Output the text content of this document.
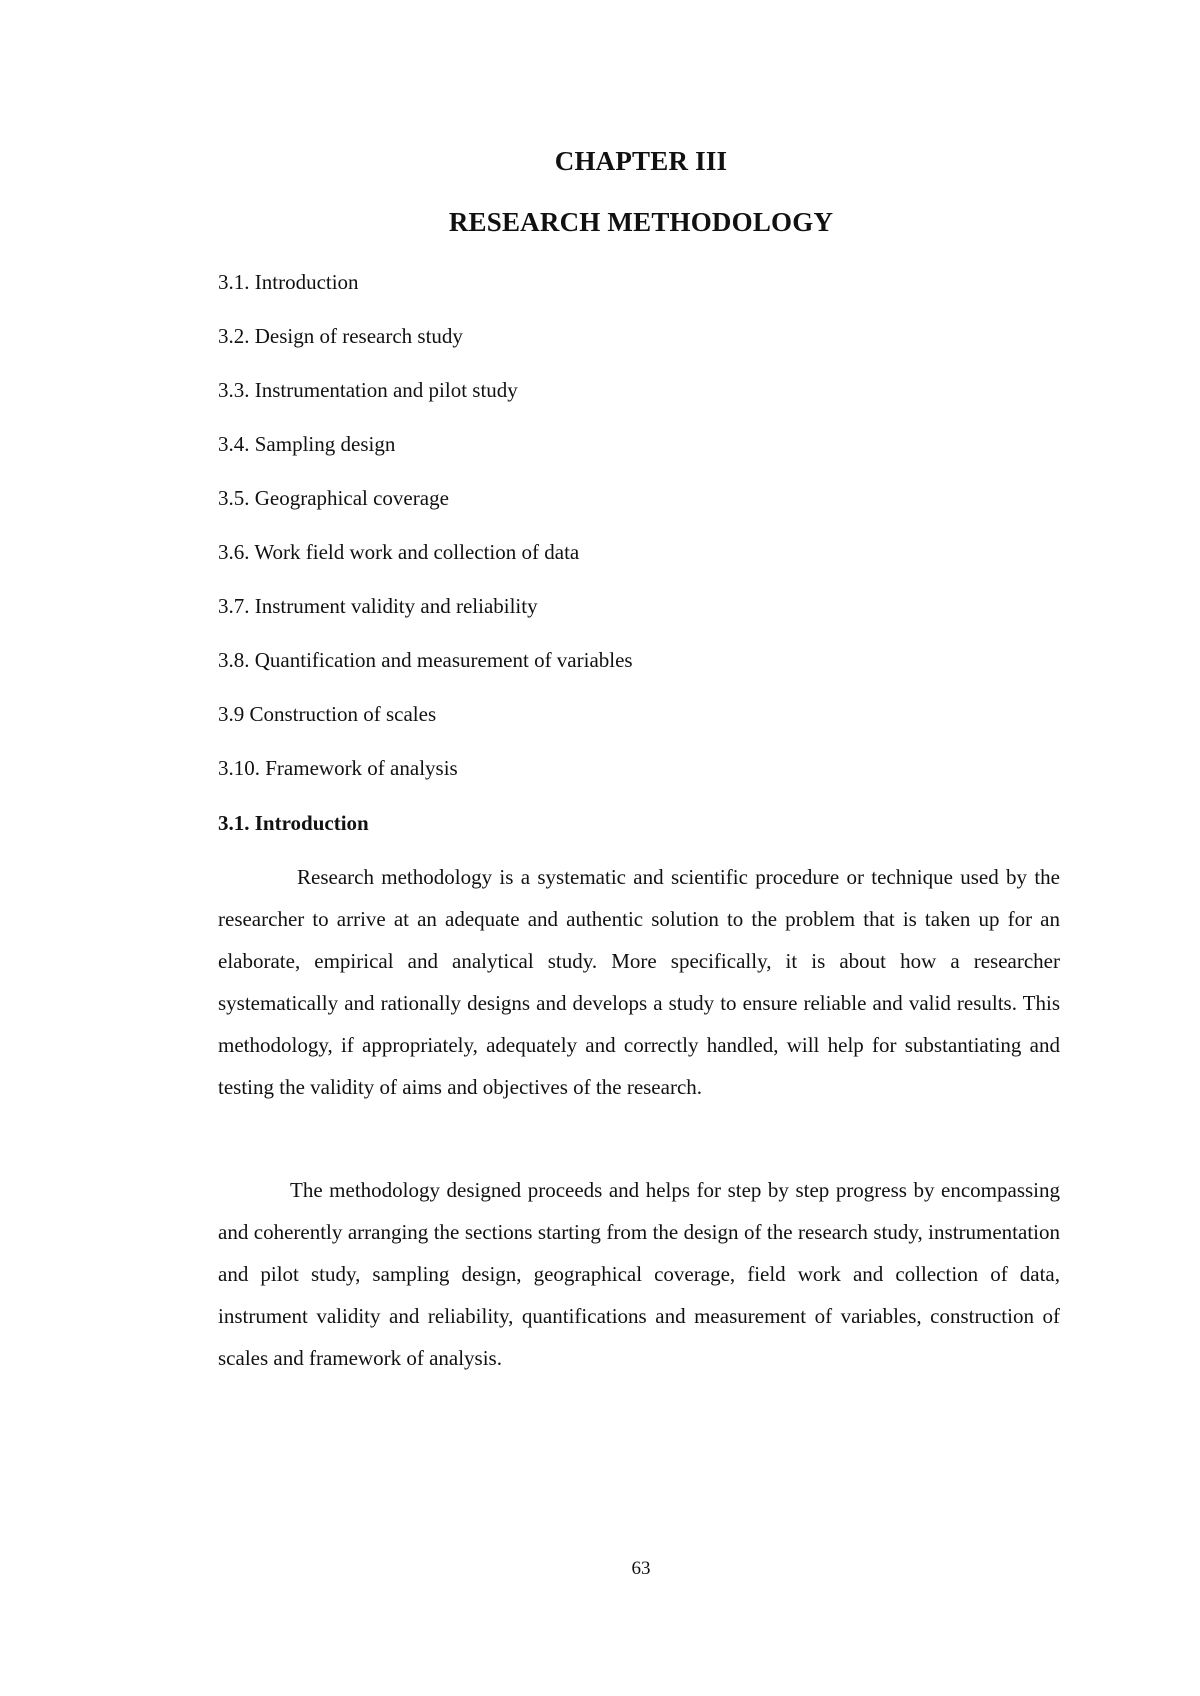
CHAPTER III
RESEARCH METHODOLOGY
3.1. Introduction
3.2. Design of research study
3.3. Instrumentation and pilot study
3.4. Sampling design
3.5. Geographical coverage
3.6. Work field work and collection of data
3.7. Instrument validity and reliability
3.8. Quantification and measurement of variables
3.9 Construction of scales
3.10. Framework of analysis
3.1. Introduction

Research methodology is a systematic and scientific procedure or technique used by the researcher to arrive at an adequate and authentic solution to the problem that is taken up for an elaborate, empirical and analytical study. More specifically, it is about how a researcher systematically and rationally designs and develops a study to ensure reliable and valid results. This methodology, if appropriately, adequately and correctly handled, will help for substantiating and testing the validity of aims and objectives of the research.

The methodology designed proceeds and helps for step by step progress by encompassing and coherently arranging the sections starting from the design of the research study, instrumentation and pilot study, sampling design, geographical coverage, field work and collection of data, instrument validity and reliability, quantifications and measurement of variables, construction of scales and framework of analysis.

63
